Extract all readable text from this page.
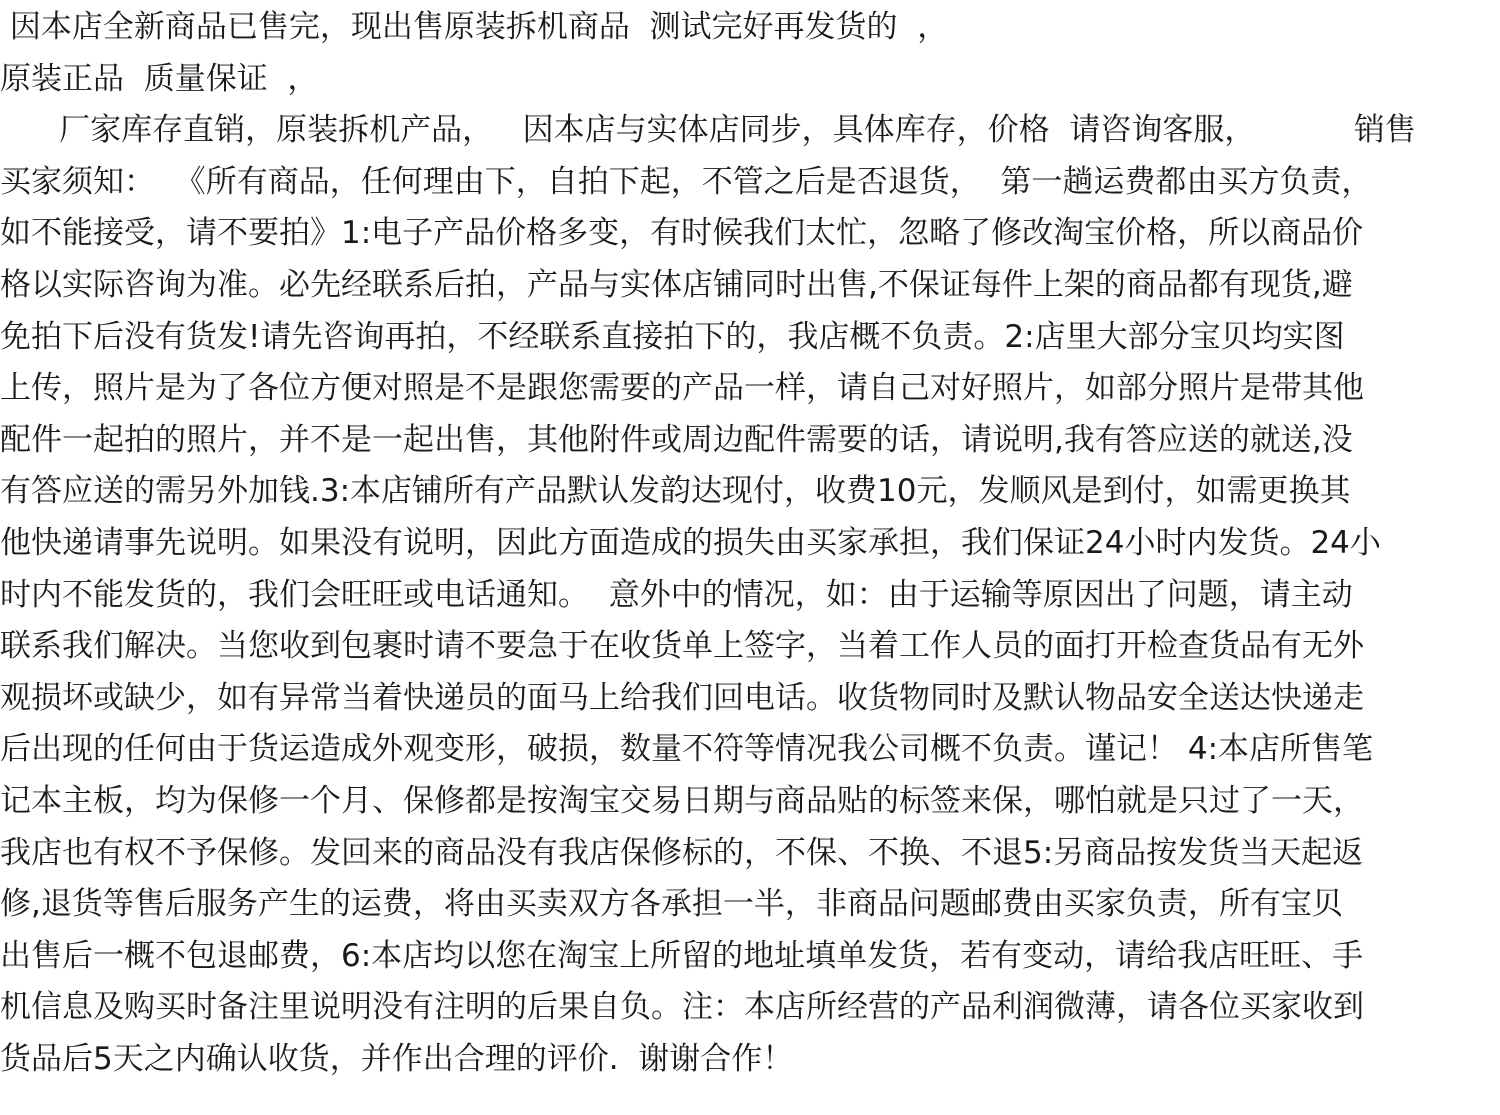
因本店全新商品已售完，现出售原装拆机商品  测试完好再发货的  ，
原装正品  质量保证  ，
厂家库存直销，原装拆机产品，   因本店与实体店同步，具体库存，价格  请咨询客服，          销售
买家须知：  《所有商品，任何理由下，自拍下起，不管之后是否退货，  第一趟运费都由买方负责，
如不能接受，请不要拍》1:电子产品价格多变，有时候我们太忙，忽略了修改淘宝价格，所以商品价
格以实际咨询为准。必先经联系后拍，产品与实体店铺同时出售,不保证每件上架的商品都有现货,避
免拍下后没有货发!请先咨询再拍，不经联系直接拍下的，我店概不负责。2:店里大部分宝贝均实图
上传，照片是为了各位方便对照是不是跟您需要的产品一样，请自己对好照片，如部分照片是带其他
配件一起拍的照片，并不是一起出售，其他附件或周边配件需要的话，请说明,我有答应送的就送,没
有答应送的需另外加钱.3:本店铺所有产品默认发韵达现付，收费10元，发顺风是到付，如需更换其
他快递请事先说明。如果没有说明，因此方面造成的损失由买家承担，我们保证24小时内发货。24小
时内不能发货的，我们会旺旺或电话通知。  意外中的情况，如：由于运输等原因出了问题，请主动
联系我们解决。当您收到包裹时请不要急于在收货单上签字，当着工作人员的面打开检查货品有无外
观损坏或缺少，如有异常当着快递员的面马上给我们回电话。收货物同时及默认物品安全送达快递走
后出现的任何由于货运造成外观变形，破损，数量不符等情况我公司概不负责。谨记！ 4:本店所售笔
记本主板，均为保修一个月、保修都是按淘宝交易日期与商品贴的标签来保，哪怕就是只过了一天，
我店也有权不予保修。发回来的商品没有我店保修标的，不保、不换、不退5:另商品按发货当天起返
修,退货等售后服务产生的运费，将由买卖双方各承担一半，非商品问题邮费由买家负责，所有宝贝
出售后一概不包退邮费，6:本店均以您在淘宝上所留的地址填单发货，若有变动，请给我店旺旺、手
机信息及购买时备注里说明没有注明的后果自负。注：本店所经营的产品利润微薄，请各位买家收到
货品后5天之内确认收货，并作出合理的评价.  谢谢合作！
